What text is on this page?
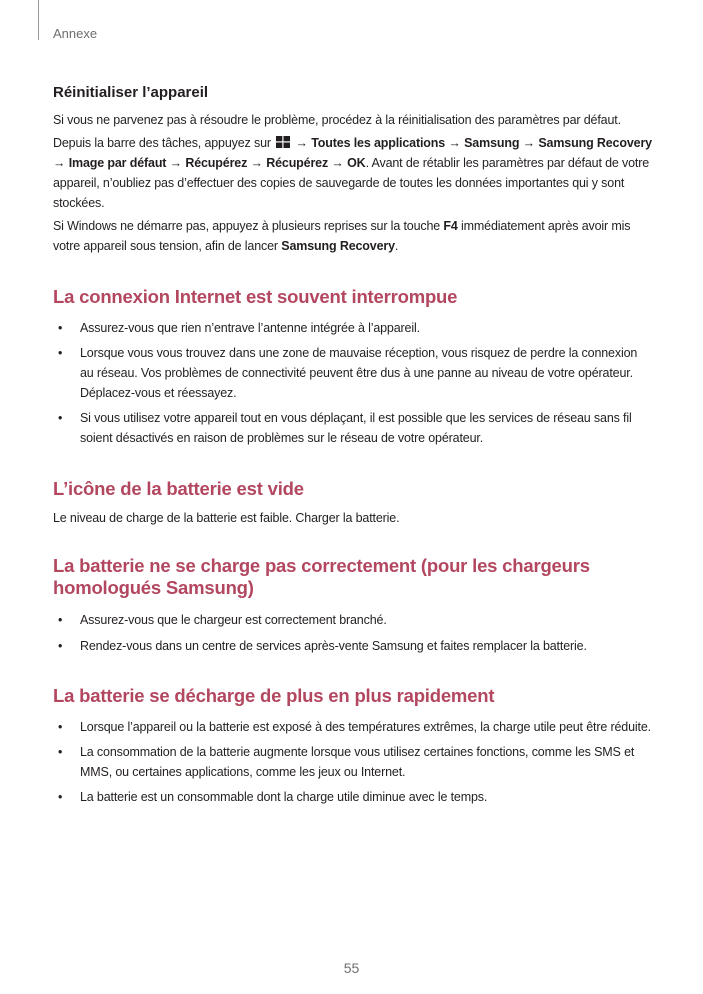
Annexe
Réinitialiser l’appareil

Si vous ne parvenez pas à résoudre le problème, procédez à la réinitialisation des paramètres par défaut.

Depuis la barre des tâches, appuyez sur → Toutes les applications → Samsung → Samsung Recovery → Image par défaut → Récupérez → Récupérez → OK. Avant de rétablir les paramètres par défaut de votre appareil, n’oubliez pas d’effectuer des copies de sauvegarde de toutes les données importantes qui y sont stockées.

Si Windows ne démarre pas, appuyez à plusieurs reprises sur la touche F4 immédiatement après avoir mis votre appareil sous tension, afin de lancer Samsung Recovery.

La connexion Internet est souvent interrompue
• Assurez-vous que rien n’entrave l’antenne intégrée à l’appareil.
• Lorsque vous vous trouvez dans une zone de mauvaise réception, vous risquez de perdre la connexion au réseau. Vos problèmes de connectivité peuvent être dus à une panne au niveau de votre opérateur. Déplacez-vous et réessayez.
• Si vous utilisez votre appareil tout en vous déplaçant, il est possible que les services de réseau sans fil soient désactivés en raison de problèmes sur le réseau de votre opérateur.
L’icône de la batterie est vide

Le niveau de charge de la batterie est faible. Charger la batterie.

La batterie ne se charge pas correctement (pour les chargeurs homologués Samsung)
• Assurez-vous que le chargeur est correctement branché.
• Rendez-vous dans un centre de services après-vente Samsung et faites remplacer la batterie.
La batterie se décharge de plus en plus rapidement
• Lorsque l’appareil ou la batterie est exposé à des températures extrêmes, la charge utile peut être réduite.
• La consommation de la batterie augmente lorsque vous utilisez certaines fonctions, comme les SMS et MMS, ou certaines applications, comme les jeux ou Internet.
• La batterie est un consommable dont la charge utile diminue avec le temps.
55
